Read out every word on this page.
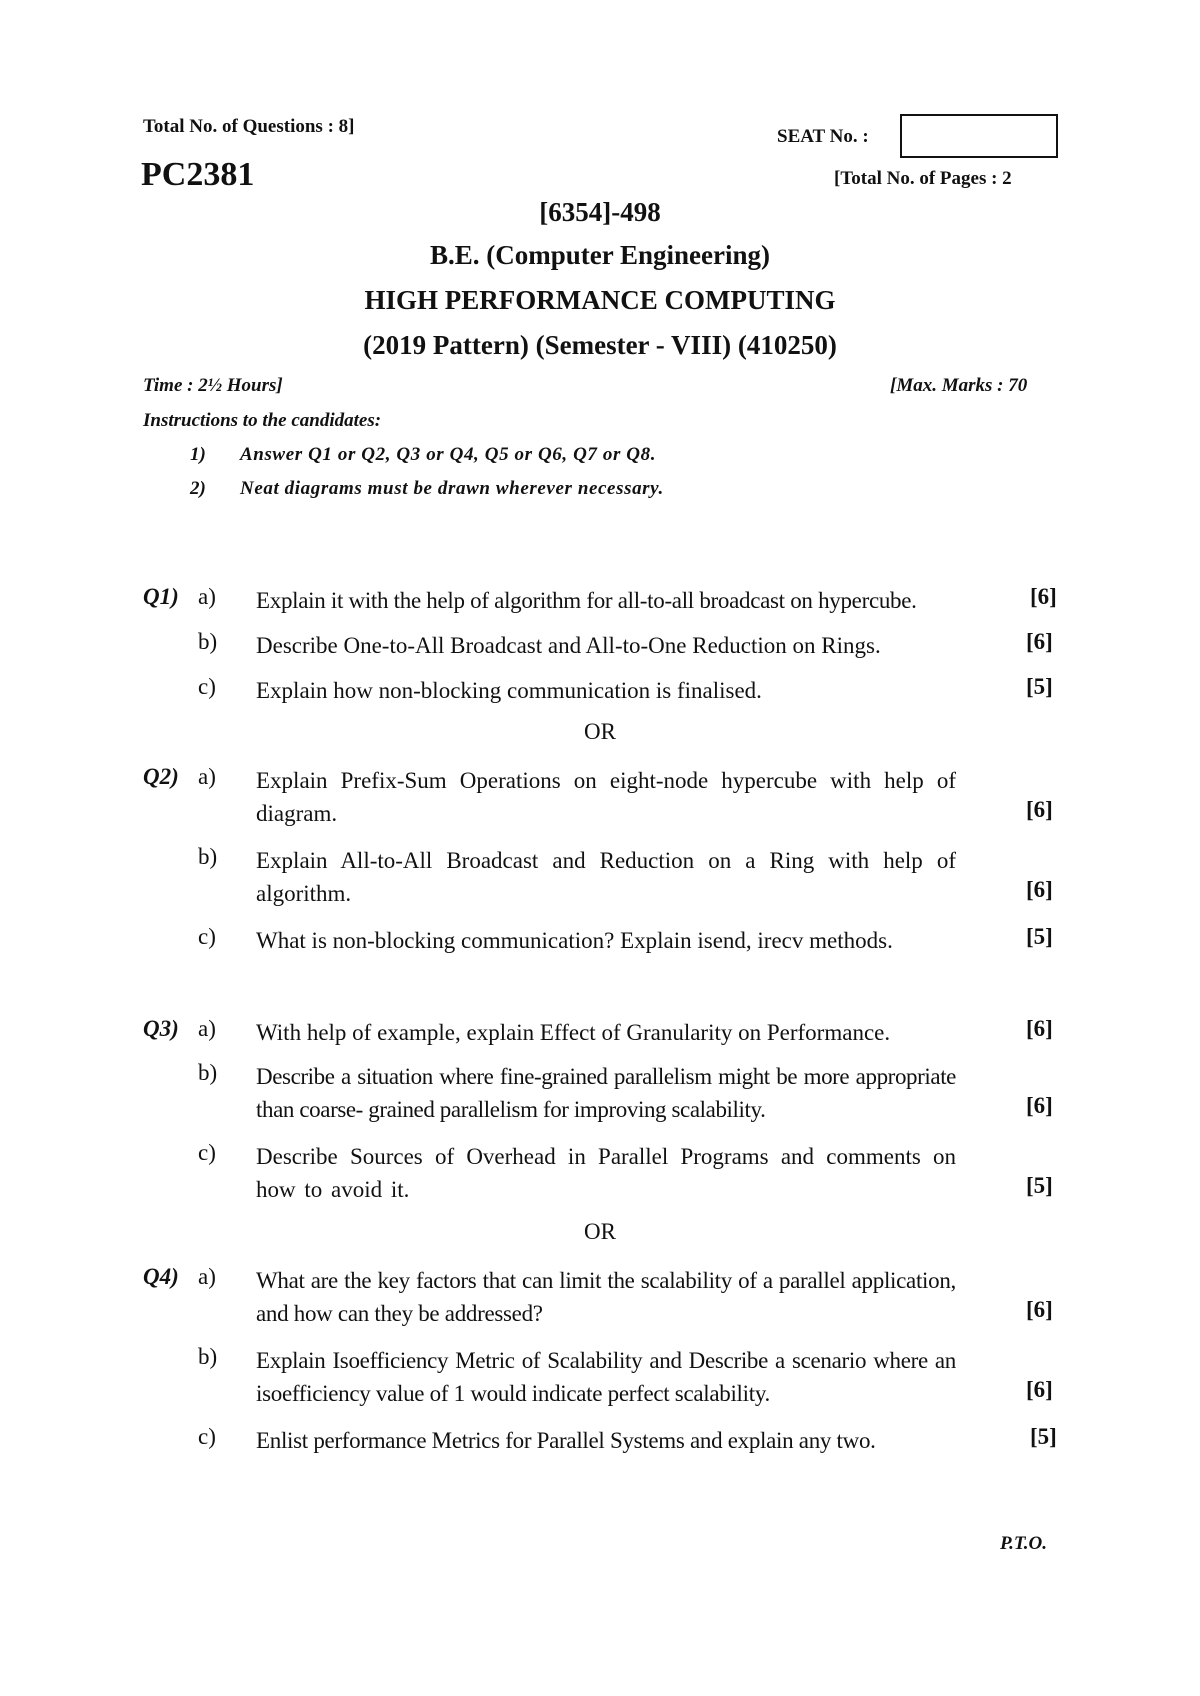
Total No. of Questions : 8]
PC2381
SEAT No. :
[Total No. of Pages : 2
[6354]-498
B.E. (Computer Engineering)
HIGH PERFORMANCE COMPUTING
(2019 Pattern) (Semester - VIII) (410250)
Time : 2½ Hours]	[Max. Marks : 70
Instructions to the candidates:
1) Answer Q1 or Q2, Q3 or Q4, Q5 or Q6, Q7 or Q8.
2) Neat diagrams must be drawn wherever necessary.
Q1) a) Explain it with the help of algorithm for all-to-all broadcast on hypercube.	[6]
b) Describe One-to-All Broadcast and All-to-One Reduction on Rings.	[6]
c) Explain how non-blocking communication is finalised.	[5]
OR
Q2) a) Explain Prefix-Sum Operations on eight-node hypercube with help of diagram.	[6]
b) Explain All-to-All Broadcast and Reduction on a Ring with help of algorithm.	[6]
c) What is non-blocking communication? Explain isend, irecv methods.	[5]
Q3) a) With help of example, explain Effect of Granularity on Performance.	[6]
b) Describe a situation where fine-grained parallelism might be more appropriate than coarse- grained parallelism for improving scalability.	[6]
c) Describe Sources of Overhead in Parallel Programs and comments on how to avoid it.	[5]
OR
Q4) a) What are the key factors that can limit the scalability of a parallel application, and how can they be addressed?	[6]
b) Explain Isoefficiency Metric of Scalability and Describe a scenario where an isoefficiency value of 1 would indicate perfect scalability.	[6]
c) Enlist performance Metrics for Parallel Systems and explain any two.	[5]
P.T.O.
